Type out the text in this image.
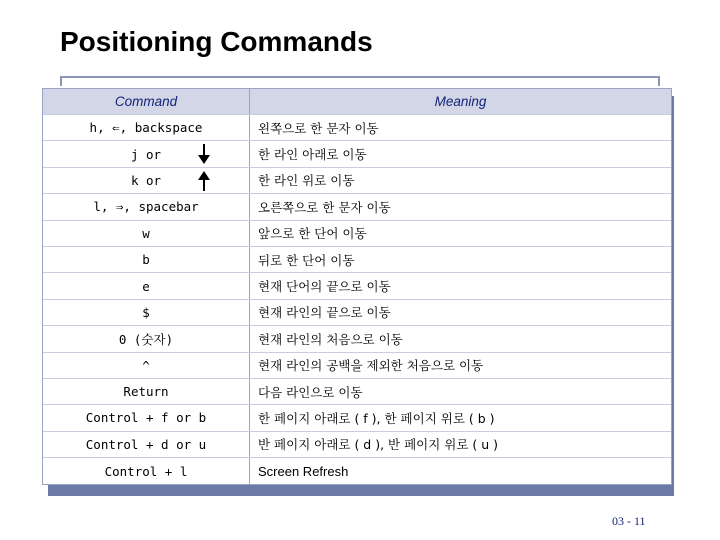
Positioning Commands
Command	Meaning
h, ⇐, backspace	왼쪽으로 한 문자 이동
j or	한 라인 아래로 이동
k or	한 라인 위로 이동
l, ⇒, spacebar	오른쪽으로 한 문자 이동
w	앞으로 한 단어 이동
b	뒤로 한 단어 이동
e	현재 단어의 끝으로 이동
$	현재 라인의 끝으로 이동
0 (숫자)	현재 라인의 처음으로 이동
^	현재 라인의 공백을 제외한 처음으로 이동
Return	다음 라인으로 이동
Control + f or b	한 페이지 아래로 ( f ), 한 페이지 위로 ( b )
Control + d or u	반 페이지 아래로 ( d ), 반 페이지 위로 ( u )
Control + l	Screen Refresh
03 - 11
